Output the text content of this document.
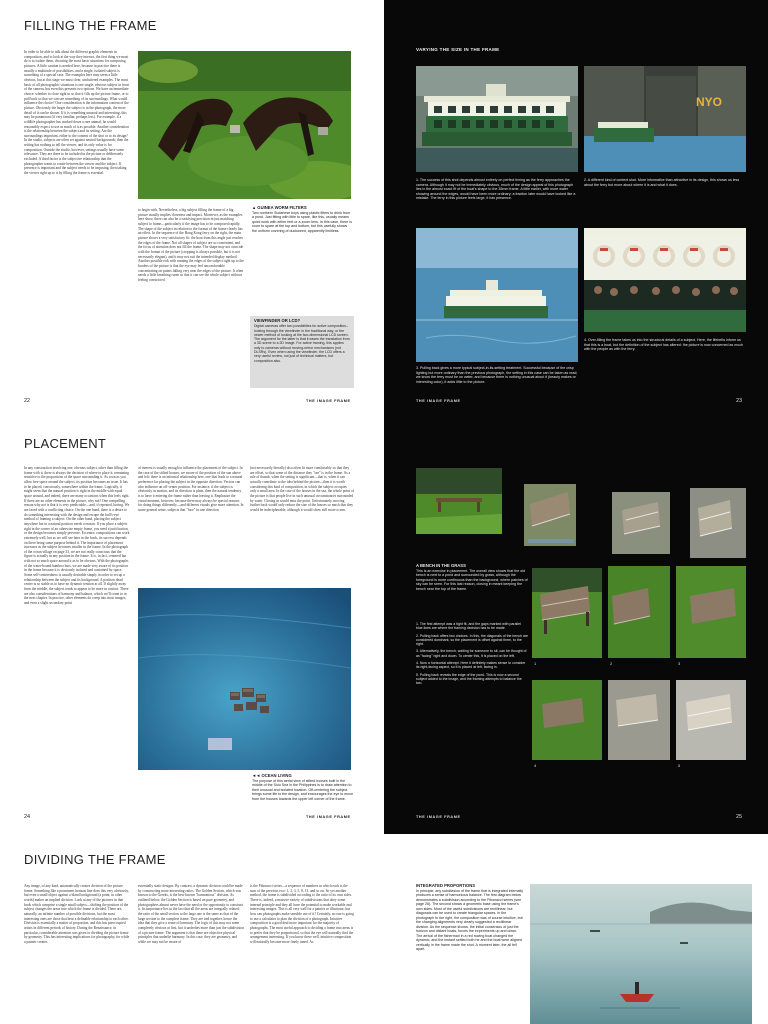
FILLING THE FRAME
In order to be able to talk about the different graphic elements in composition, and to look at the way they interact, the first thing we must do is to isolate them, choosing the most basic situations for composing pictures. A little caution is needed here, because in practice there is usually a multitude of possibilities, and a single, isolated subject is something of a special case. The examples here may seem a little obvious, but at this stage we must clear, uncluttered examples. The most basic of all photographic situations is one single, obvious subject in front of the camera, but even this presents two options. We have an immediate choice: whether to close right in so that it fills up the picture frame, or to pull back so that we can see something of its surroundings. What would influence the choice? One consideration is the information content of the picture. Obviously the larger the subject is in the photograph, the more detail of it can be shown. If it is something unusual and interesting, this may be paramount (if very familiar, perhaps less). For example, if a wildlife photographer has tracked down a rare animal, he would reasonably expect to use as much of it as possible. Another consideration is the relationship between the subject and its setting. Are the surroundings important, either to the content of the shot or to its design? In the studio, subjects are often set against neutral backgrounds; then the setting has nothing to tell the viewer, and its only value is for composition. Outside the studio, however, settings usually have some relevance. They are there to be included in the picture or deliberately excluded. A third factor is the subjective relationship that the photographer wants to create between the viewer and the subject. If presence is important and the subject needs to be imposing, then taking the viewer right up to it by filling the frame is essential.
▲ GUINEA WORM FILTERS
Two northern Sudanese boys using plastic filters to drink from a pond. Just fitting with little to spare, like this, usually means quick work with either feet or a zoom lens. In this case, there is room to spare at the top and bottom, but this usefully shows the uniform covering of duckweed, apparently limitless.
to begin with. Nevertheless, a big subject filling the frame of a big picture usually implies closeness and impact. Moreover, as the examples here show, there can also be a satisfying precision in just matching subject to frame—particularly if the image has to be composed rapidly. The shape of the subject in relation to the format of the frame clearly has an effect. In the sequence of the Hong Kong ferry on the right, the main picture shows a very satisfactory fit: the boat from this angle just reaches the edges of the frame. Not all shapes of subject are so convenient, and the focus of attention does not fill the frame. The shape may not coincide with the format of the picture (cropping is always possible, but it is not necessarily elegant), and it may not suit the intended display method. Another possible risk with running the edges of the subject right up to the borders of the picture is that the eye may feel uncomfortable concentrating on points falling very near the edges of the picture. It often needs a little breathing room so that it can see the whole subject without feeling constricted.
VIEWFINDER OR LCD?
Digital cameras offer two possibilities for active composition–looking through the viewfinder in the traditional way, or the newer method of looking at the two-dimensional LCD screen. The argument for the latter is that it eases the translation from a 3D scene to a 2D image. For active framing, this applies only to cameras without moving-mirror mechanisms (not DLSRs). Even when using the viewfinder, the LCD offers a very useful review, not just of technical matters, but composition also.
22	THE IMAGE FRAME
VARYING THE SIZE IN THE FRAME
NYO
1. The success of this shot depends almost entirely on perfect timing as the ferry approaches the camera. Although it may not be immediately obvious, much of the design appeal of this photograph lies in the almost exact fit of the boat's shape to the 35mm frame. A little earlier, with more water showing around the edges, would have been more ordinary; a fraction later would have looked like a mistake. The ferry in this picture feels large, it has presence.
2. A different kind of context shot. More informative than attractive in its design, this shows us less about the ferry but more about where it is and what it does.
3. Pulling back gives a more typical subject-in-its-setting treatment. Successful because of the crisp lighting but more ordinary than the previous photograph, the setting in this case can be taken as read; we know the ferry must be on water, and because there is nothing unusual about it (beauty makes or interesting color), it adds little to the picture.
4. Over-filling the frame takes us into the structural details of a subject. Here, the lifebelts inform us that this is a boat, but the definition of the subject has altered: the picture is now concerned as much with the people as with the ferry.
THE IMAGE FRAME	23
PLACEMENT
In any construction involving one, obvious subject, other than filling the frame with it, there is always the decision of where to place it, remaining sensitive to the proportions of the space surrounding it. As soon as you allow free space around the subject, its position becomes an issue. It has to be placed, consciously, somewhere within the frame. Logically, it might seem that the natural position is right in the middle with equal space around, and indeed, there are many occasions when this feels right. If there are no other elements in the picture, why not? One compelling reason why not is that it is very predictable—and, if repeated, boring. We are faced with a conflicting choice. On the one hand, there is a desire to do something interesting with the design and escape the bull's-eye method of framing a subject. On the other hand, placing the subject anywhere but in a natural position needs a reason. If you place a subject right in the corner of an otherwise empty frame, you need a justification, or the design becomes simply perverse. Eccentric compositions can work extremely well, but as we will see later in the book, its success depends on there being some purpose behind it. The importance of placement increases as the subject becomes smaller in the frame. In the photograph of the ocean village on page 33, we are not really conscious that the figure is actually in any position in the frame. It is, in fact, centered but with not so much space around it as to be obvious. With the photographs of the water-bound bamboo huts, we are made very aware of its position in the frame because it is obviously isolated and contained by space. Some self-centeredness is usually desirable simply in order to set up a relationship between the subject and its background. A position dead center is so stable as to have no dynamic tension at all. If slightly away from the middle, the subject tends to appear to be more in contact. There are also considerations of harmony and balance, which we'll come to in the next chapter. In practice, other elements do creep into most images, and even a slight secondary point
of interest is usually enough to influence the placement of the subject. In the case of the stilted houses, we aware of the position of the sun above and left; there is an informal relationship here, one that leads to a natural preference for placing the subject in the opposite direction. Vectors can also influence an off-center position. For instance, if the subject is obviously in motion, and its direction is plain, then the natural tendency is to have it entering the frame rather than leaving it. Emphasize the visual moment, however, because there may always be special reasons for doing things differently—and different visuals give more attention. In some general sense, subjects that "face" in one direction
(not necessarily literally) also often fit more comfortably so that they are offset, so that some of the distance they "see" is in the frame. As a rule of thumb, when the setting is significant—that is, when it can actually contribute to the idea behind the picture—then it is worth considering this kind of composition, in which the subject occupies only a small area. In the case of the houses in the sea, the whole point of the picture is that people live in such unusual circumstances surrounded by water. Closing in would miss the point. Unfortunately, moving further back would only reduce the size of the houses so much that they would be indecipherable, although it would show still more ocean.
◄◄ OCEAN LIVING
The purpose of this aerial view of stilted houses built in the middle of the Sulu Sea in the Philippines is to draw attention to their unusual and isolated location. Off-centering the subject brings some life to the design, and encourages the eye to move from the houses towards the upper left corner of the frame.
24	THE IMAGE FRAME
A BENCH IN THE GRASS
This is an exercise in placement. The overall view shows that the old bench is next to a pond and surrounded by grass, although the foreground is more continuous than the background, where patches of sky can be seen. For this last reason, closing in meant keeping the bench near the top of the frame.

1. The first attempt was a tight fit, and the gaps marked with parallel blue lines are where the framing decision has to be made.

2. Pulling back offers two choices. In this, the diagonals of the bench are considered dominant, so the placement is offset against them, to the right.

3. Alternatively, the bench, waiting for someone to sit, can be thought of as "facing" right and down. To center this, it is placed on the left.

4. Now a horizontal attempt. Here it definitely makes sense to consider its right-facing aspect, so it is placed at left, facing in.

5. Pulling back reveals the edge of the pond. This is now a second subject added to the image, and the framing attempts to balance the two.

1	2	3
4	5
THE IMAGE FRAME	25
DIVIDING THE FRAME
Any image, of any kind, automatically creates division of the picture frame. Something like a prominent horizon line does this very obviously, but even a small object against a bland background (a point, in other words) makes an implied division. Look at any of the pictures in that book which comprise a single small subject—shifting the position of the subject changes the areas into which the frame is divided. There are, naturally, an infinite number of possible divisions, but the most interesting ones are those that bear a definable relationship to each other. Division is essentially a matter of proportion, and this has preoccupied artists in different periods of history. During the Renaissance, in particular, considerable attention was given to dividing the picture frame by geometry. This has interesting implications for photography, for while a painter creates
essentially static designs. By contrast, a dynamic division could be made by constructing more interesting ratios. The Golden Section, which was known to the Greeks, is the best-known "harmonious" division. As outlined below, the Golden Section is based on pure geometry, and photographers almost never have the need or the opportunity to construct it. Its importance lies in the fact that all the areas are integrally related; the ratio of the small section to the large one is the same as that of the large section to the complete frame. They are tied together, hence the idea that they give a sense of harmony. The logic of this may not seem completely obvious at first, but it underlies more than just the subdivision of a picture frame. The argument is that there are objective physical principles that underlie harmony. In this case, they are geometry, and while we may not be aware of
is the Fibonacci series—a sequence of numbers in which each is the sum of the previous two: 1, 2, 3, 5, 8, 13, and so on. So yet another method, the frame is subdivided according to the ratio of its own sides. There is, indeed, a massive variety of subdivisions that obey some internal principle and they all have the potential to make workable and interesting images. This is all very well for a painter or illustrator, but how can photographs make sensible use of it? Certainly, no one is going to use a calculator to plan the division of a photograph. Intuitive composition is a good deal more important for the majority of photographs. The most useful approach to dividing a frame into areas is to prefer that they be proportional, so that the eye will naturally find the arrangement interesting. If you know these well, intuitive composition will naturally become more finely tuned. As
INTEGRATED PROPORTIONS
In principle, any subdivision of the frame that is integrated internally produces a sense of harmonious balance. The first diagram below demonstrates a subdivision according to the Fibonacci series (see page 26). The second shows a geometric base using the frame's own sides. Most of the useful subdivisions are rectilinear, but diagonals can be used to create triangular spaces. In the photograph to the right, the composition was of course intuitive, but the changing alignments very clearly suggested a rectilinear division. As the sequence shows, the initial consensus of just the horizon and distant boats, forces the experiments up and down. The arrival of the fisherman in a red rowing boat changed the dynamic, and the instant settled both he and the boat were aligned vertically in the frame made the shot. A moment later, the all fell apart.
